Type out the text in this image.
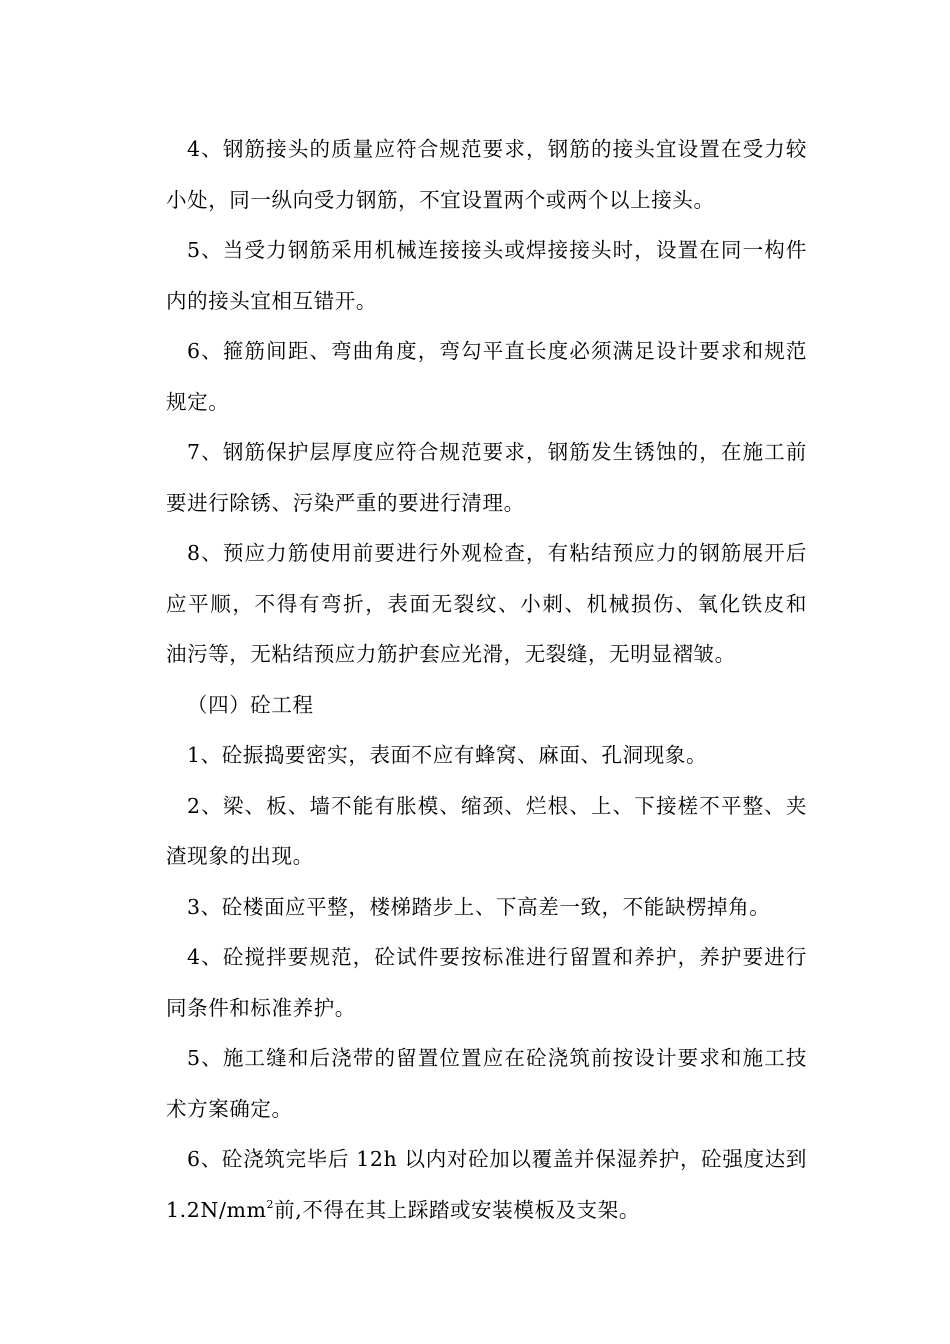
4、钢筋接头的质量应符合规范要求，钢筋的接头宜设置在受力较
小处，同一纵向受力钢筋，不宜设置两个或两个以上接头。

5、当受力钢筋采用机械连接接头或焊接接头时，设置在同一构件
内的接头宜相互错开。

6、箍筋间距、弯曲角度，弯勾平直长度必须满足设计要求和规范
规定。

7、钢筋保护层厚度应符合规范要求，钢筋发生锈蚀的，在施工前
要进行除锈、污染严重的要进行清理。

8、预应力筋使用前要进行外观检查，有粘结预应力的钢筋展开后
应平顺，不得有弯折，表面无裂纹、小刺、机械损伤、氧化铁皮和
油污等，无粘结预应力筋护套应光滑，无裂缝，无明显褶皱。

（四）砼工程

1、砼振捣要密实，表面不应有蜂窝、麻面、孔洞现象。

2、梁、板、墙不能有胀模、缩颈、烂根、上、下接槎不平整、夹
渣现象的出现。

3、砼楼面应平整，楼梯踏步上、下高差一致，不能缺楞掉角。

4、砼搅拌要规范，砼试件要按标准进行留置和养护，养护要进行
同条件和标准养护。

5、施工缝和后浇带的留置位置应在砼浇筑前按设计要求和施工技
术方案确定。

6、砼浇筑完毕后 12h 以内对砼加以覆盖并保湿养护，砼强度达到
$1.2N/mm^2$前,不得在其上踩踏或安装模板及支架。
